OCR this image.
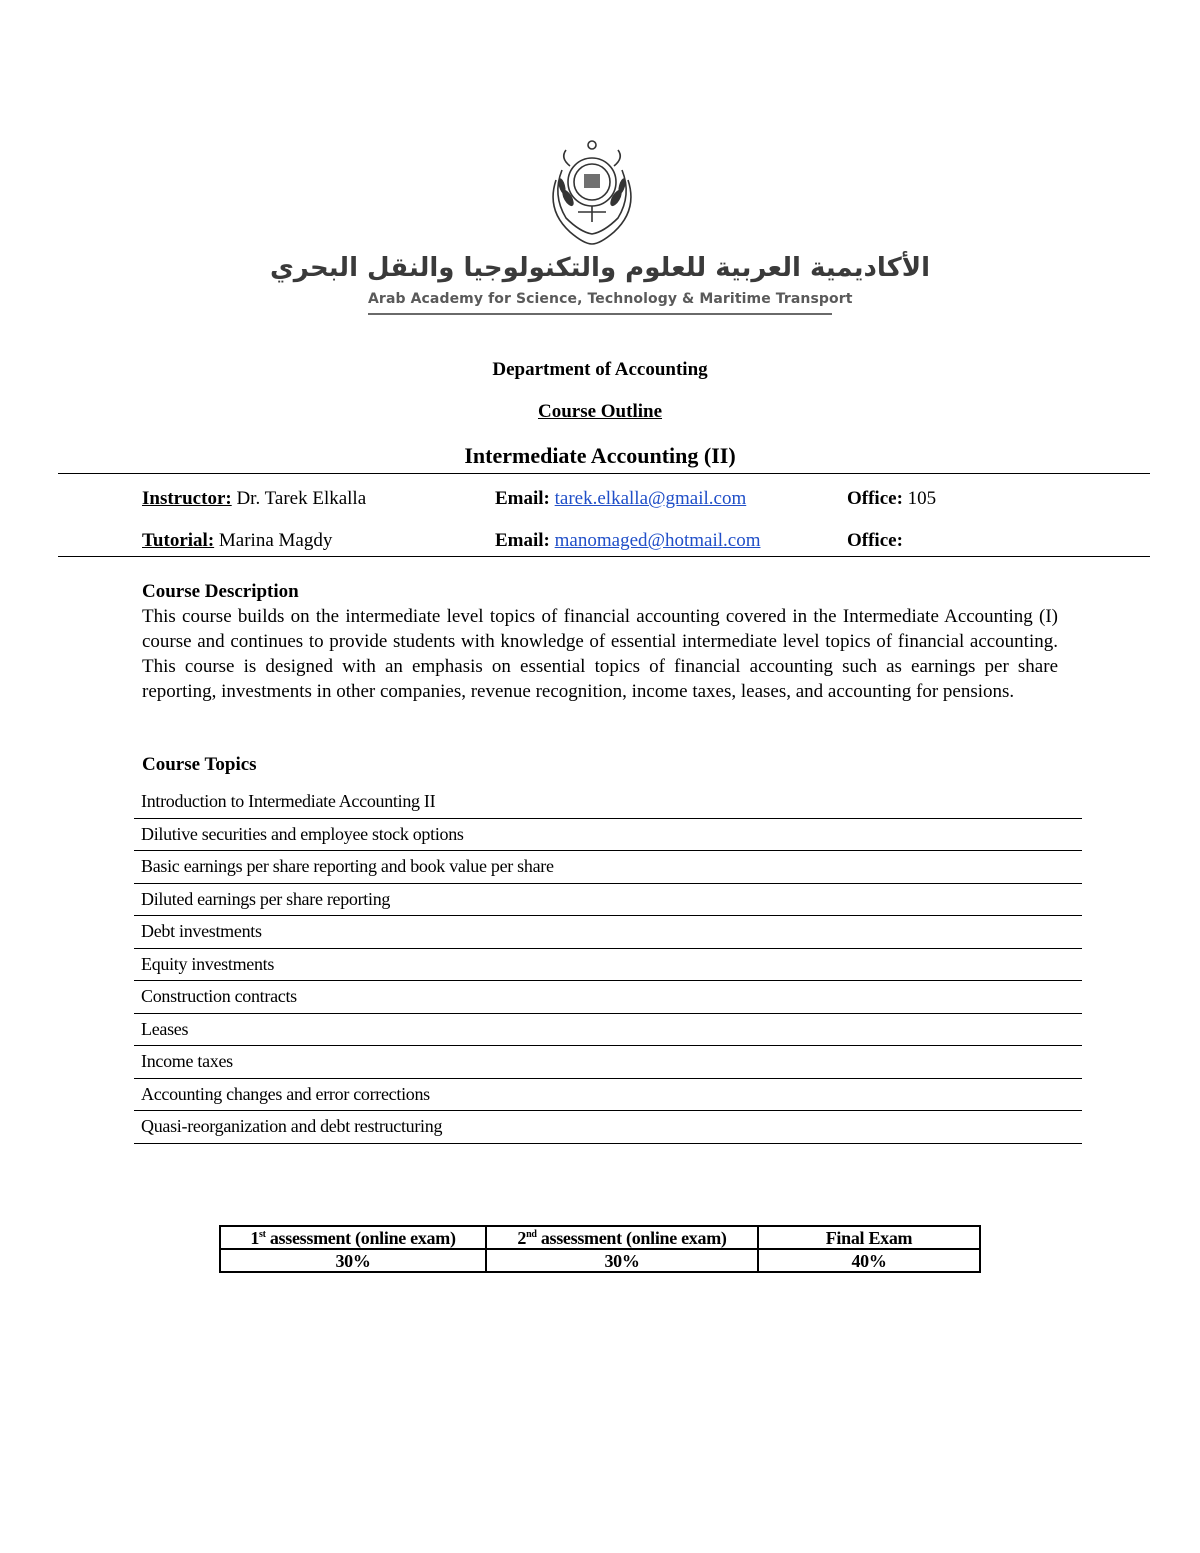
الأكاديمية العربية للعلوم والتكنولوجيا والنقل البحري
Arab Academy for Science, Technology & Maritime Transport
Department of Accounting
Course Outline
Intermediate Accounting (II)
Instructor: Dr. Tarek Elkalla	Email: tarek.elkalla@gmail.com	Office: 105
Tutorial: Marina Magdy	Email: manomaged@hotmail.com	Office:
Course Description
This course builds on the intermediate level topics of financial accounting covered in the Intermediate Accounting (I) course and continues to provide students with knowledge of essential intermediate level topics of financial accounting. This course is designed with an emphasis on essential topics of financial accounting such as earnings per share reporting, investments in other companies, revenue recognition, income taxes, leases, and accounting for pensions.
Course Topics
Introduction to Intermediate Accounting II
Dilutive securities and employee stock options
Basic earnings per share reporting and book value per share
Diluted earnings per share reporting
Debt investments
Equity investments
Construction contracts
Leases
Income taxes
Accounting changes and error corrections
Quasi-reorganization and debt restructuring
1st assessment (online exam)	2nd assessment (online exam)	Final Exam
30%	30%	40%
